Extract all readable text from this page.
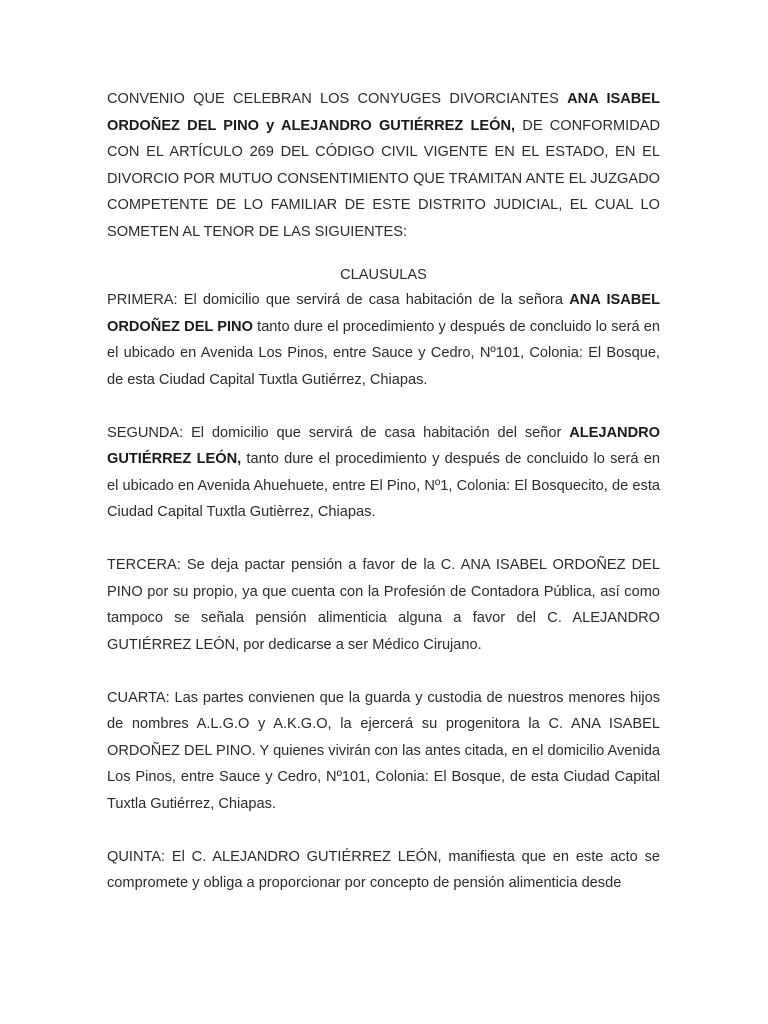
CONVENIO QUE CELEBRAN LOS CONYUGES DIVORCIANTES ANA ISABEL ORDOÑEZ DEL PINO y ALEJANDRO GUTIÉRREZ LEÓN, DE CONFORMIDAD CON EL ARTÍCULO 269 DEL CÓDIGO CIVIL VIGENTE EN EL ESTADO, EN EL DIVORCIO POR MUTUO CONSENTIMIENTO QUE TRAMITAN ANTE EL JUZGADO COMPETENTE DE LO FAMILIAR DE ESTE DISTRITO JUDICIAL, EL CUAL LO SOMETEN AL TENOR DE LAS SIGUIENTES:

CLAUSULAS

PRIMERA: El domicilio que servirá de casa habitación de la señora ANA ISABEL ORDOÑEZ DEL PINO tanto dure el procedimiento y después de concluido lo será en el ubicado en Avenida Los Pinos, entre Sauce y Cedro, Nº101, Colonia: El Bosque, de esta Ciudad Capital Tuxtla Gutiérrez, Chiapas.

SEGUNDA: El domicilio que servirá de casa habitación del señor ALEJANDRO GUTIÉRREZ LEÓN, tanto dure el procedimiento y después de concluido lo será en el ubicado en Avenida Ahuehuete, entre El Pino, Nº1, Colonia: El Bosquecito, de esta Ciudad Capital Tuxtla Gutièrrez, Chiapas.

TERCERA: Se deja pactar pensión a favor de la C. ANA ISABEL ORDOÑEZ DEL PINO por su propio, ya que cuenta con la Profesión de Contadora Pública, así como tampoco se señala pensión alimenticia alguna a favor del C. ALEJANDRO GUTIÉRREZ LEÓN, por dedicarse a ser Médico Cirujano.

CUARTA: Las partes convienen que la guarda y custodia de nuestros menores hijos de nombres A.L.G.O y A.K.G.O, la ejercerá su progenitora la C. ANA ISABEL ORDOÑEZ DEL PINO. Y quienes vivirán con las antes citada, en el domicilio Avenida Los Pinos, entre Sauce y Cedro, Nº101, Colonia: El Bosque, de esta Ciudad Capital Tuxtla Gutiérrez, Chiapas.

QUINTA: El C. ALEJANDRO GUTIÉRREZ LEÓN, manifiesta que en este acto se compromete y obliga a proporcionar por concepto de pensión alimenticia desde
